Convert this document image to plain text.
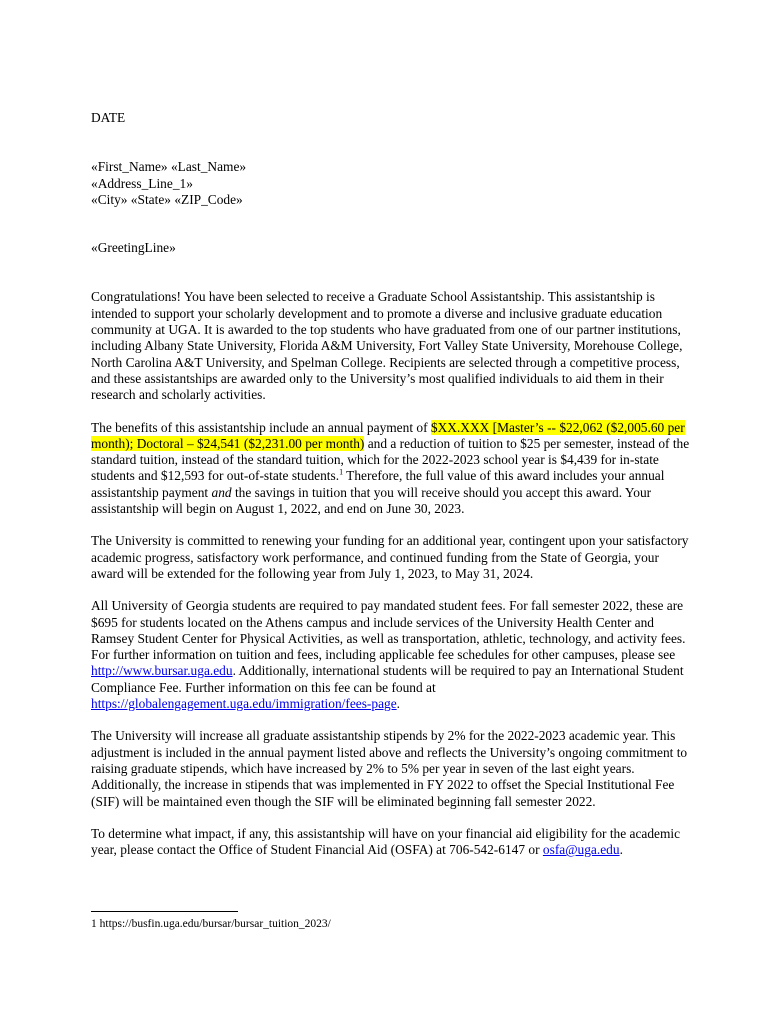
DATE

«First_Name» «Last_Name»

«Address_Line_1»

«City» «State» «ZIP_Code»

«GreetingLine»

Congratulations! You have been selected to receive a Graduate School Assistantship. This assistantship is intended to support your scholarly development and to promote a diverse and inclusive graduate education community at UGA. It is awarded to the top students who have graduated from one of our partner institutions, including Albany State University, Florida A&M University, Fort Valley State University, Morehouse College, North Carolina A&T University, and Spelman College. Recipients are selected through a competitive process, and these assistantships are awarded only to the University’s most qualified individuals to aid them in their research and scholarly activities.

The benefits of this assistantship include an annual payment of $XX.XXX [Master’s -- $22,062 ($2,005.60 per month); Doctoral – $24,541 ($2,231.00 per month) and a reduction of tuition to $25 per semester, instead of the standard tuition, instead of the standard tuition, which for the 2022-2023 school year is $4,439 for in-state students and $12,593 for out-of-state students.$^1$ Therefore, the full value of this award includes your annual assistantship payment and the savings in tuition that you will receive should you accept this award. Your assistantship will begin on August 1, 2022, and end on June 30, 2023.

The University is committed to renewing your funding for an additional year, contingent upon your satisfactory academic progress, satisfactory work performance, and continued funding from the State of Georgia, your award will be extended for the following year from July 1, 2023, to May 31, 2024.

All University of Georgia students are required to pay mandated student fees. For fall semester 2022, these are $695 for students located on the Athens campus and include services of the University Health Center and Ramsey Student Center for Physical Activities, as well as transportation, athletic, technology, and activity fees. For further information on tuition and fees, including applicable fee schedules for other campuses, please see http://www.bursar.uga.edu. Additionally, international students will be required to pay an International Student Compliance Fee. Further information on this fee can be found at https://globalengagement.uga.edu/immigration/fees-page.

The University will increase all graduate assistantship stipends by 2% for the 2022-2023 academic year. This adjustment is included in the annual payment listed above and reflects the University’s ongoing commitment to raising graduate stipends, which have increased by 2% to 5% per year in seven of the last eight years. Additionally, the increase in stipends that was implemented in FY 2022 to offset the Special Institutional Fee (SIF) will be maintained even though the SIF will be eliminated beginning fall semester 2022.

To determine what impact, if any, this assistantship will have on your financial aid eligibility for the academic year, please contact the Office of Student Financial Aid (OSFA) at 706-542-6147 or osfa@uga.edu.

1 https://busfin.uga.edu/bursar/bursar_tuition_2023/
